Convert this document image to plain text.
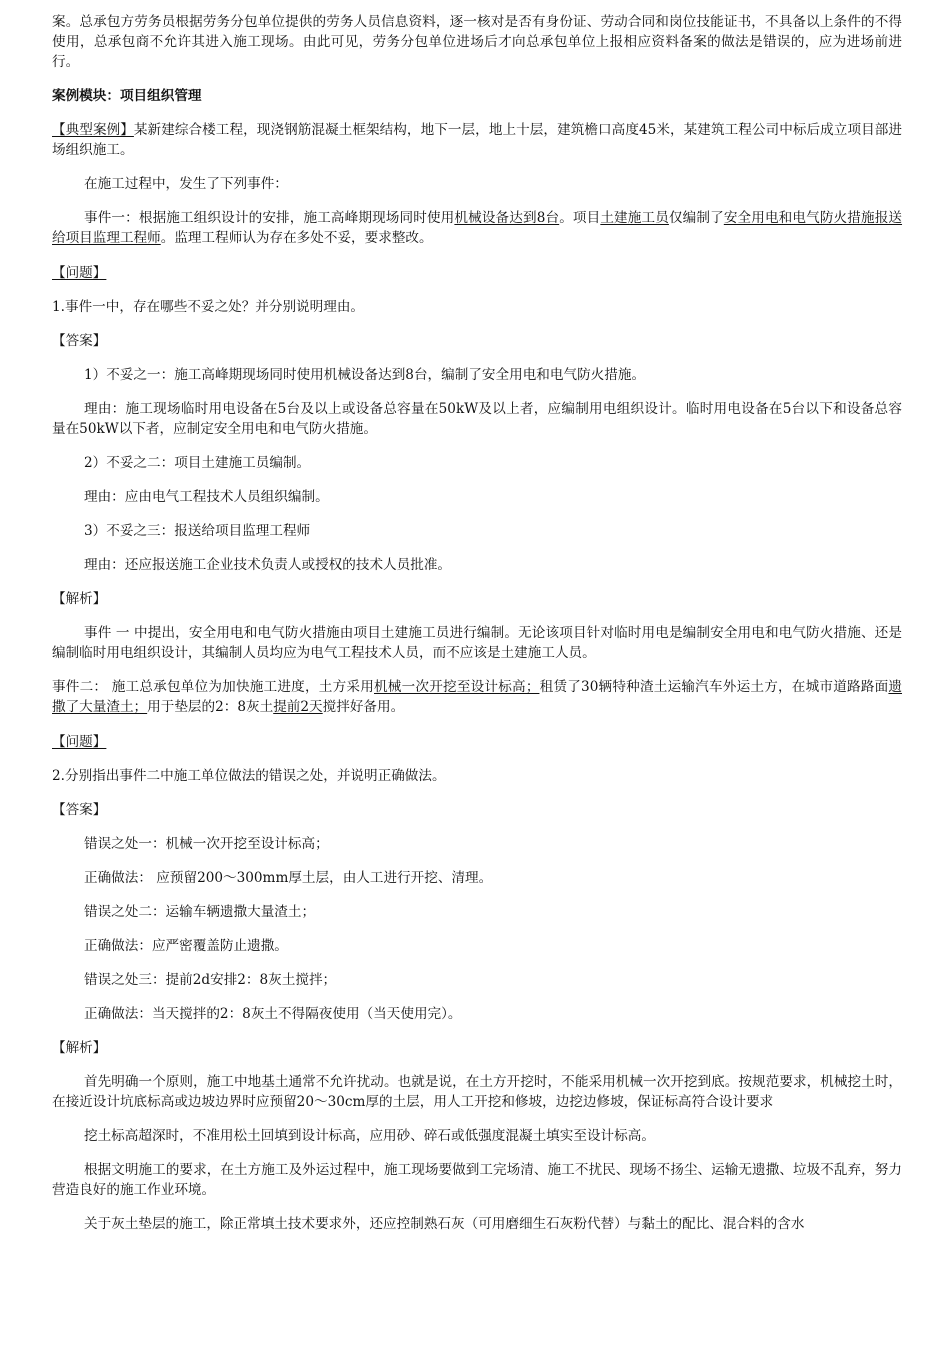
案。总承包方劳务员根据劳务分包单位提供的劳务人员信息资料，逐一核对是否有身份证、劳动合同和岗位技能证书，不具备以上条件的不得使用，总承包商不允许其进入施工现场。由此可见，劳务分包单位进场后才向总承包单位上报相应资料备案的做法是错误的，应为进场前进行。

案例模块：项目组织管理

【典型案例】某新建综合楼工程，现浇钢筋混凝土框架结构，地下一层，地上十层，建筑檐口高度45米，某建筑工程公司中标后成立项目部进场组织施工。

在施工过程中，发生了下列事件：

事件一：根据施工组织设计的安排，施工高峰期现场同时使用机械设备达到8台。项目土建施工员仅编制了安全用电和电气防火措施报送给项目监理工程师。监理工程师认为存在多处不妥，要求整改。

【问题】

1.事件一中，存在哪些不妥之处？并分别说明理由。

【答案】

1）不妥之一：施工高峰期现场同时使用机械设备达到8台，编制了安全用电和电气防火措施。

理由：施工现场临时用电设备在5台及以上或设备总容量在50kW及以上者，应编制用电组织设计。临时用电设备在5台以下和设备总容量在50kW以下者，应制定安全用电和电气防火措施。

2）不妥之二：项目土建施工员编制。

理由：应由电气工程技术人员组织编制。

3）不妥之三：报送给项目监理工程师

理由：还应报送施工企业技术负责人或授权的技术人员批准。

【解析】

事件 一 中提出，安全用电和电气防火措施由项目土建施工员进行编制。无论该项目针对临时用电是编制安全用电和电气防火措施、还是编制临时用电组织设计，其编制人员均应为电气工程技术人员，而不应该是土建施工人员。

事件二： 施工总承包单位为加快施工进度，土方采用机械一次开挖至设计标高；租赁了30辆特种渣土运输汽车外运土方，在城市道路路面遗撒了大量渣土；用于垫层的2：8灰土提前2天搅拌好备用。

【问题】

2.分别指出事件二中施工单位做法的错误之处，并说明正确做法。

【答案】

错误之处一：机械一次开挖至设计标高；

正确做法： 应预留200～300mm厚土层，由人工进行开挖、清理。

错误之处二：运输车辆遗撒大量渣土；

正确做法：应严密覆盖防止遗撒。

错误之处三：提前2d安排2：8灰土搅拌；

正确做法：当天搅拌的2：8灰土不得隔夜使用（当天使用完）。

【解析】

首先明确一个原则，施工中地基土通常不允许扰动。也就是说，在土方开挖时，不能采用机械一次开挖到底。按规范要求，机械挖土时，在接近设计坑底标高或边坡边界时应预留20～30cm厚的土层，用人工开挖和修坡，边挖边修坡，保证标高符合设计要求

挖土标高超深时，不准用松土回填到设计标高，应用砂、碎石或低强度混凝土填实至设计标高。

根据文明施工的要求，在土方施工及外运过程中，施工现场要做到工完场清、施工不扰民、现场不扬尘、运输无遗撒、垃圾不乱弃，努力营造良好的施工作业环境。

关于灰土垫层的施工，除正常填土技术要求外，还应控制熟石灰（可用磨细生石灰粉代替）与黏土的配比、混合料的含水
